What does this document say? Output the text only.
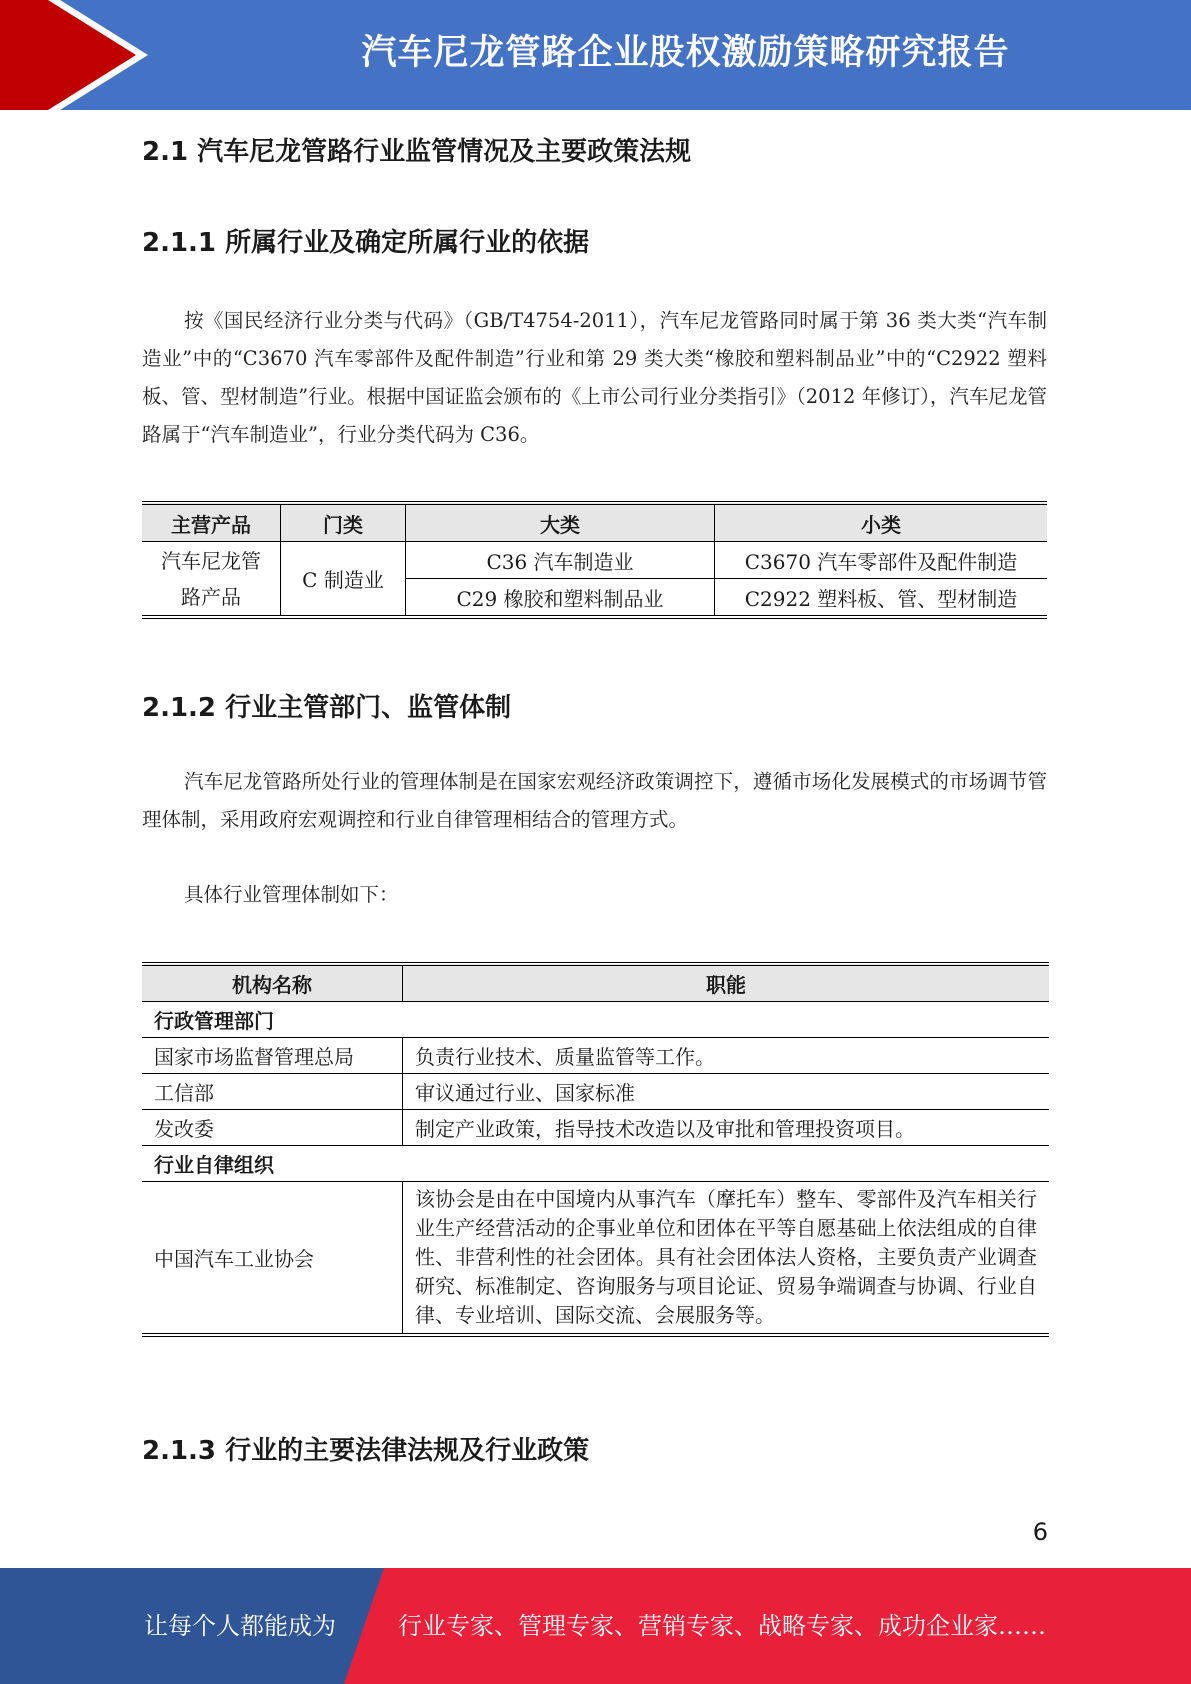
汽车尼龙管路企业股权激励策略研究报告
2.1 汽车尼龙管路行业监管情况及主要政策法规
2.1.1 所属行业及确定所属行业的依据
按《国民经济行业分类与代码》（GB/T4754-2011），汽车尼龙管路同时属于第 36 类大类“汽车制造业”中的“C3670 汽车零部件及配件制造”行业和第 29 类大类“橡胶和塑料制品业”中的“C2922 塑料板、管、型材制造”行业。根据中国证监会颁布的《上市公司行业分类指引》（2012 年修订），汽车尼龙管路属于“汽车制造业”，行业分类代码为 C36。
主营产品	门类	大类	小类
汽车尼龙管路产品	C 制造业	C36 汽车制造业	C3670 汽车零部件及配件制造
		C29 橡胶和塑料制品业	C2922 塑料板、管、型材制造
2.1.2 行业主管部门、监管体制
汽车尼龙管路所处行业的管理体制是在国家宏观经济政策调控下，遵循市场化发展模式的市场调节管理体制，采用政府宏观调控和行业自律管理相结合的管理方式。
具体行业管理体制如下：
机构名称	职能
行政管理部门	
国家市场监督管理总局	负责行业技术、质量监管等工作。
工信部	审议通过行业、国家标准
发改委	制定产业政策，指导技术改造以及审批和管理投资项目。
行业自律组织	
中国汽车工业协会	该协会是由在中国境内从事汽车（摩托车）整车、零部件及汽车相关行业生产经营活动的企事业单位和团体在平等自愿基础上依法组成的自律性、非营利性的社会团体。具有社会团体法人资格，主要负责产业调查研究、标准制定、咨询服务与项目论证、贸易争端调查与协调、行业自律、专业培训、国际交流、会展服务等。
2.1.3 行业的主要法律法规及行业政策
6
让每个人都能成为	行业专家、管理专家、营销专家、战略专家、成功企业家……
